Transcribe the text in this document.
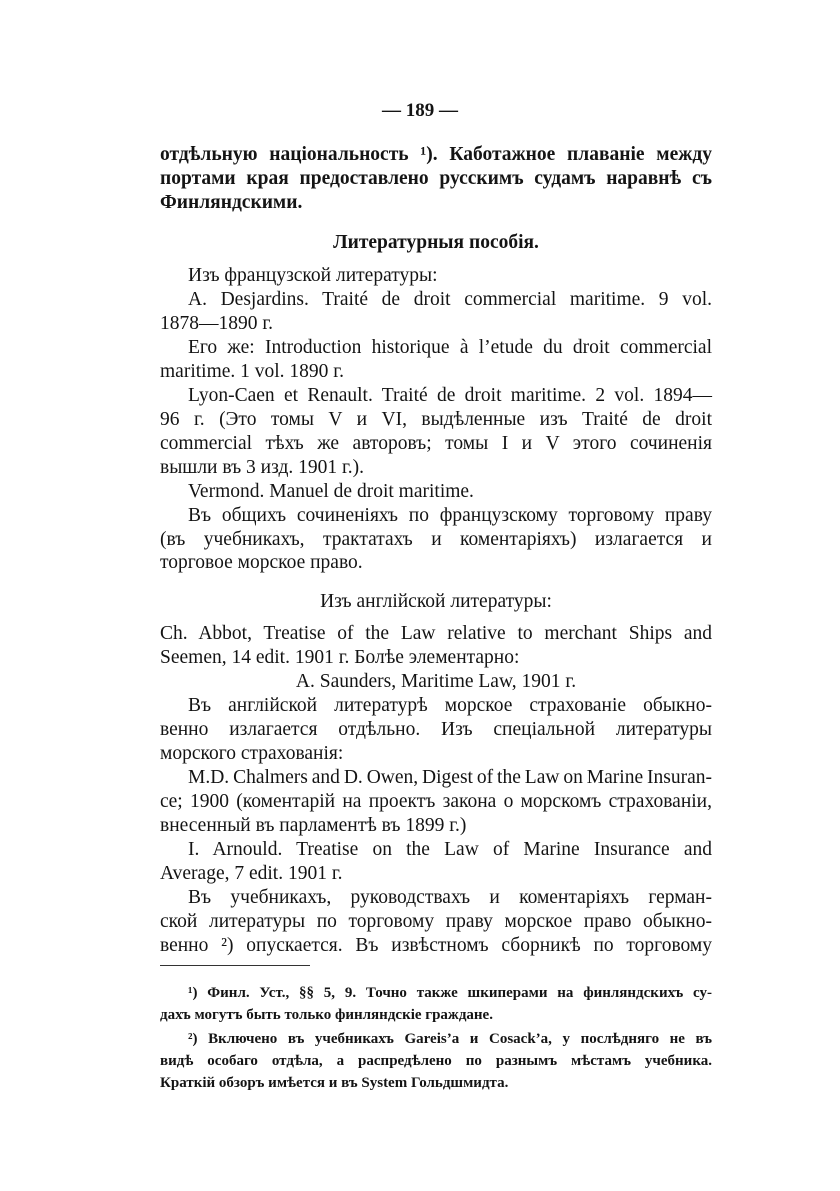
— 189 —
отдѣльную національность ¹). Каботажное плаваніе между
портами края предоставлено русскимъ судамъ наравнѣ съ
Финляндскими.
Литературныя пособія.
Изъ французской литературы:
A. Desjardins. Traité de droit commercial maritime. 9 vol.
1878—1890 г.
Его же: Introduction historique à l’etude du droit commercial
maritime. 1 vol. 1890 г.
Lyon-Caen et Renault. Traité de droit maritime. 2 vol. 1894—
96 г. (Это томы V и VI, выдѣленные изъ Traité de droit
commercial тѣхъ же авторовъ; томы I и V этого сочиненія
вышли въ 3 изд. 1901 г.).
Vermond. Manuel de droit maritime.
Въ общихъ сочиненіяхъ по французскому торговому праву
(въ учебникахъ, трактатахъ и коментаріяхъ) излагается и
торговое морское право.
Изъ англійской литературы:
Ch. Abbot, Treatise of the Law relative to merchant Ships and
Seemen, 14 edit. 1901 г. Болѣе элементарно:
A. Saunders, Maritime Law, 1901 г.
Въ англійской литературѣ морское страхованіе обыкно-
венно излагается отдѣльно. Изъ спеціальной литературы
морского страхованія:
M.D. Chalmers and D. Owen, Digest of the Law on Marine Insuran-
ce; 1900 (коментарій на проектъ закона о морскомъ страхованіи,
внесенный въ парламентѣ въ 1899 г.)
I. Arnould. Treatise on the Law of Marine Insurance and
Average, 7 edit. 1901 г.
Въ учебникахъ, руководствахъ и коментаріяхъ герман-
ской литературы по торговому праву морское право обыкно-
венно ²) опускается. Въ извѣстномъ сборникѣ по торговому
¹) Финл. Уст., §§ 5, 9. Точно также шкиперами на финляндскихъ су-
дахъ могутъ быть только финляндскіе граждане.
²) Включено въ учебникахъ Gareis’a и Cosack’a, у послѣдняго не въ
видѣ особаго отдѣла, а распредѣлено по разнымъ мѣстамъ учебника.
Краткій обзоръ имѣется и въ System Гольдшмидта.
